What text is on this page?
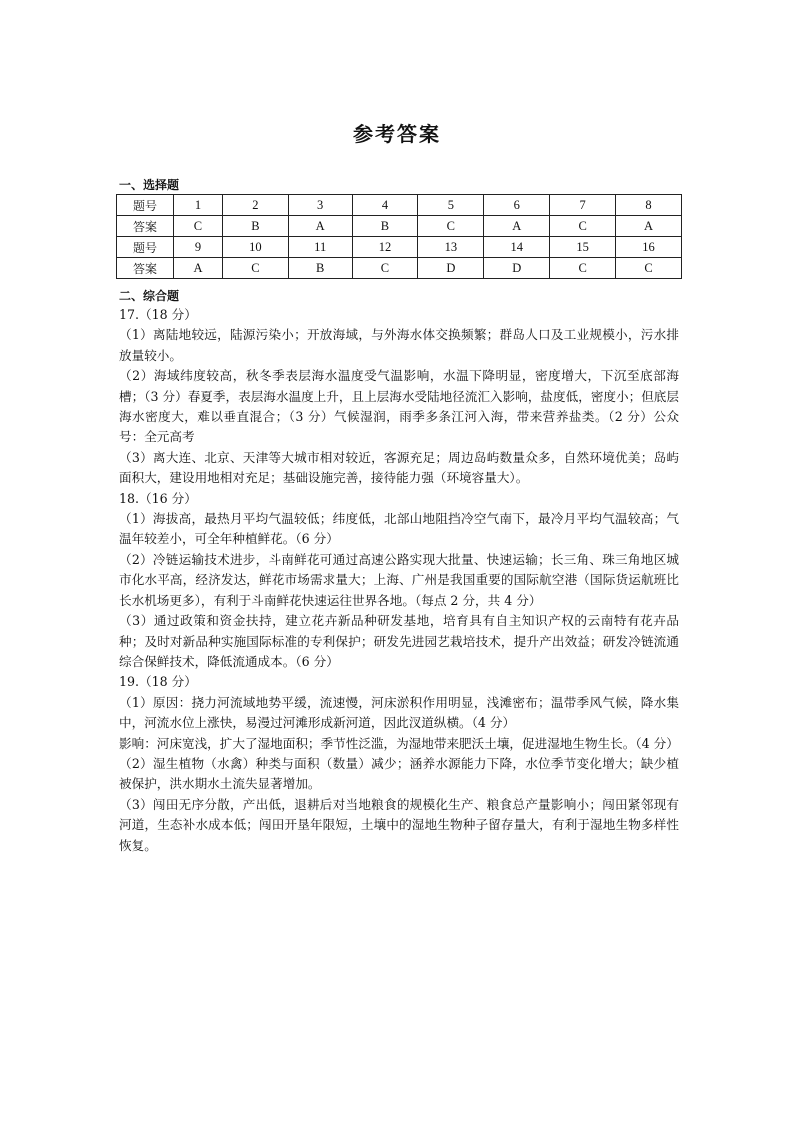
参考答案
一、选择题
题号	1	2	3	4	5	6	7	8
答案	C	B	A	B	C	A	C	A
题号	9	10	11	12	13	14	15	16
答案	A	C	B	C	D	D	C	C
二、综合题

17.（18 分）

（1）离陆地较远，陆源污染小；开放海域，与外海水体交换频繁；群岛人口及工业规模小，污水排放量较小。

（2）海域纬度较高，秋冬季表层海水温度受气温影响，水温下降明显，密度增大，下沉至底部海槽；（3 分）春夏季，表层海水温度上升，且上层海水受陆地径流汇入影响，盐度低，密度小；但底层海水密度大，难以垂直混合；（3 分）气候湿润，雨季多条江河入海，带来营养盐类。（2 分）公众号：全元高考

（3）离大连、北京、天津等大城市相对较近，客源充足；周边岛屿数量众多，自然环境优美；岛屿面积大，建设用地相对充足；基础设施完善，接待能力强（环境容量大）。

18.（16 分）

（1）海拔高，最热月平均气温较低；纬度低，北部山地阻挡冷空气南下，最冷月平均气温较高；气温年较差小，可全年种植鲜花。（6 分）

（2）冷链运输技术进步，斗南鲜花可通过高速公路实现大批量、快速运输；长三角、珠三角地区城市化水平高，经济发达，鲜花市场需求量大；上海、广州是我国重要的国际航空港（国际货运航班比长水机场更多），有利于斗南鲜花快速运往世界各地。（每点 2 分，共 4 分）

（3）通过政策和资金扶持，建立花卉新品种研发基地，培育具有自主知识产权的云南特有花卉品种；及时对新品种实施国际标准的专利保护；研发先进园艺栽培技术，提升产出效益；研发冷链流通综合保鲜技术，降低流通成本。（6 分）

19.（18 分）

（1）原因：挠力河流域地势平缓，流速慢，河床淤积作用明显，浅滩密布；温带季风气候，降水集中，河流水位上涨快，易漫过河滩形成新河道，因此汊道纵横。（4 分）

影响：河床宽浅，扩大了湿地面积；季节性泛滥，为湿地带来肥沃土壤，促进湿地生物生长。（4 分）

（2）湿生植物（水禽）种类与面积（数量）减少；涵养水源能力下降，水位季节变化增大；缺少植被保护，洪水期水土流失显著增加。

（3）闯田无序分散，产出低，退耕后对当地粮食的规模化生产、粮食总产量影响小；闯田紧邻现有河道，生态补水成本低；闯田开垦年限短，土壤中的湿地生物种子留存量大，有利于湿地生物多样性恢复。
